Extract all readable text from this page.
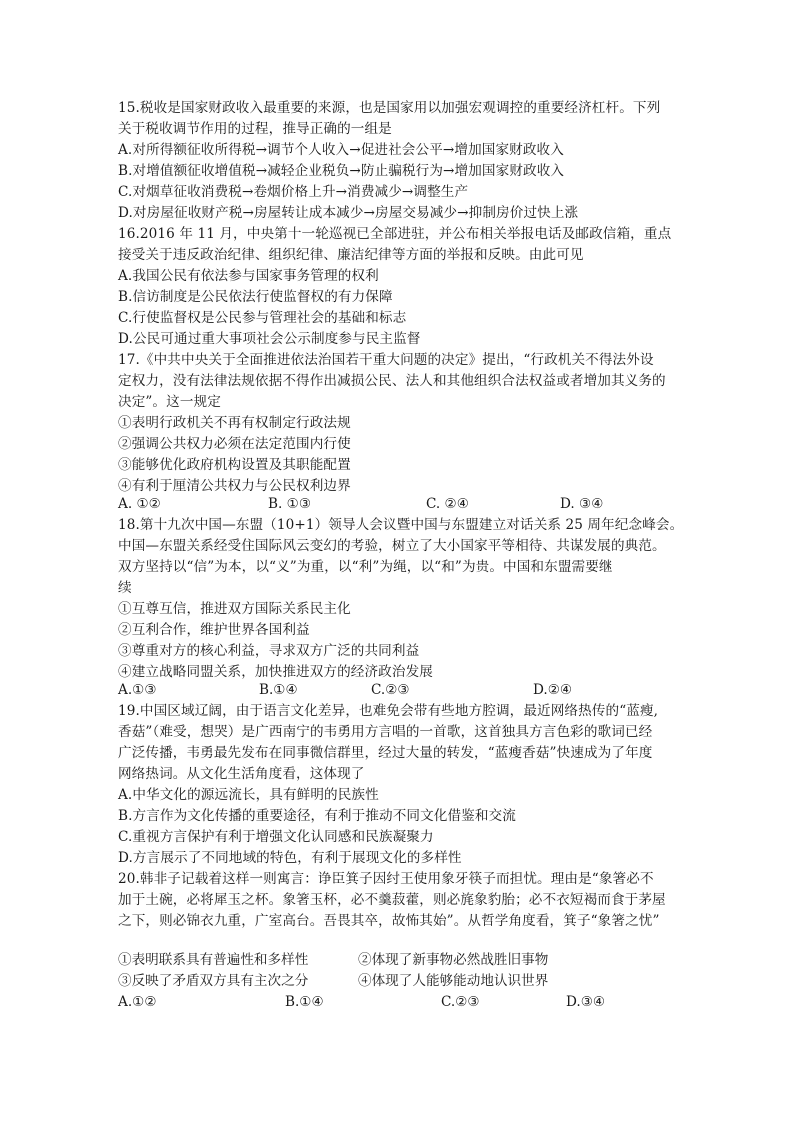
15.税收是国家财政收入最重要的来源，也是国家用以加强宏观调控的重要经济杠杆。下列
关于税收调节作用的过程，推导正确的一组是
A.对所得额征收所得税→调节个人收入→促进社会公平→增加国家财政收入
B.对增值额征收增值税→减轻企业税负→防止骗税行为→增加国家财政收入
C.对烟草征收消费税→卷烟价格上升→消费减少→调整生产
D.对房屋征收财产税→房屋转让成本减少→房屋交易减少→抑制房价过快上涨
16.2016 年 11 月，中央第十一轮巡视已全部进驻，并公布相关举报电话及邮政信箱，重点
接受关于违反政治纪律、组织纪律、廉洁纪律等方面的举报和反映。由此可见
A.我国公民有依法参与国家事务管理的权利
B.信访制度是公民依法行使监督权的有力保障
C.行使监督权是公民参与管理社会的基础和标志
D.公民可通过重大事项社会公示制度参与民主监督
17.《中共中央关于全面推进依法治国若干重大问题的决定》提出，“行政机关不得法外设
定权力，没有法律法规依据不得作出减损公民、法人和其他组织合法权益或者增加其义务的
决定”。这一规定
①表明行政机关不再有权制定行政法规
②强调公共权力必须在法定范围内行使
③能够优化政府机构设置及其职能配置
④有利于厘清公共权力与公民权利边界
A. ①②	B. ①③	C. ②④	D. ③④
18.第十九次中国—东盟（10+1）领导人会议暨中国与东盟建立对话关系 25 周年纪念峰会。
中国—东盟关系经受住国际风云变幻的考验，树立了大小国家平等相待、共谋发展的典范。
双方坚持以“信”为本，以“义”为重，以“利”为绳，以“和”为贵。中国和东盟需要继
续
①互尊互信，推进双方国际关系民主化
②互利合作，维护世界各国利益
③尊重对方的核心利益，寻求双方广泛的共同利益
④建立战略同盟关系，加快推进双方的经济政治发展
A.①③	B.①④	C.②③	D.②④
19.中国区域辽阔，由于语言文化差异，也难免会带有些地方腔调，最近网络热传的“蓝瘦,
香菇”（难受，想哭）是广西南宁的韦勇用方言唱的一首歌，这首独具方言色彩的歌词已经
广泛传播，韦勇最先发布在同事微信群里，经过大量的转发，“蓝瘦香菇”快速成为了年度
网络热词。从文化生活角度看，这体现了
A.中华文化的源远流长，具有鲜明的民族性
B.方言作为文化传播的重要途径，有利于推动不同文化借鉴和交流
C.重视方言保护有利于增强文化认同感和民族凝聚力
D.方言展示了不同地域的特色，有利于展现文化的多样性
20.韩非子记载着这样一则寓言：诤臣箕子因纣王使用象牙筷子而担忧。理由是“象箸必不
加于土碗，必将犀玉之杯。象箸玉杯，必不羹菽藿，则必旄象豹胎；必不衣短褐而食于茅屋
之下，则必锦衣九重，广室高台。吾畏其卒，故怖其始”。从哲学角度看，箕子“象箸之忧”
①表明联系具有普遍性和多样性	②体现了新事物必然战胜旧事物
③反映了矛盾双方具有主次之分	④体现了人能够能动地认识世界
A.①②	B.①④	C.②③	D.③④
